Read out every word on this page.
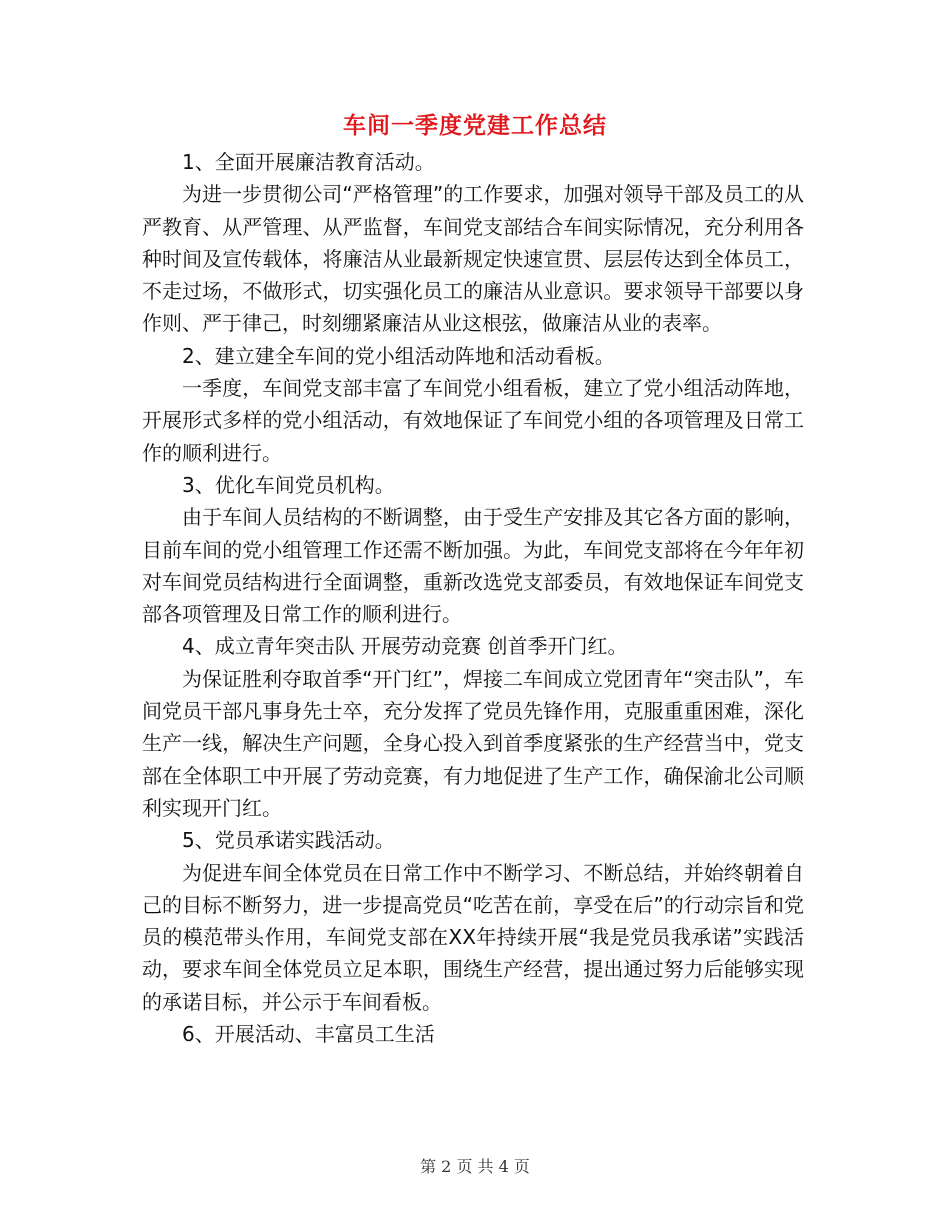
车间一季度党建工作总结

1、全面开展廉洁教育活动。

为进一步贯彻公司“严格管理”的工作要求，加强对领导干部及员工的从严教育、从严管理、从严监督，车间党支部结合车间实际情况，充分利用各种时间及宣传载体，将廉洁从业最新规定快速宣贯、层层传达到全体员工，不走过场，不做形式，切实强化员工的廉洁从业意识。要求领导干部要以身作则、严于律己，时刻绷紧廉洁从业这根弦，做廉洁从业的表率。

2、建立建全车间的党小组活动阵地和活动看板。

一季度，车间党支部丰富了车间党小组看板，建立了党小组活动阵地，开展形式多样的党小组活动，有效地保证了车间党小组的各项管理及日常工作的顺利进行。

3、优化车间党员机构。

由于车间人员结构的不断调整，由于受生产安排及其它各方面的影响，目前车间的党小组管理工作还需不断加强。为此，车间党支部将在今年年初对车间党员结构进行全面调整，重新改选党支部委员，有效地保证车间党支部各项管理及日常工作的顺利进行。

4、成立青年突击队 开展劳动竞赛 创首季开门红。

为保证胜利夺取首季“开门红”，焊接二车间成立党团青年“突击队”，车间党员干部凡事身先士卒，充分发挥了党员先锋作用，克服重重困难，深化生产一线，解决生产问题，全身心投入到首季度紧张的生产经营当中，党支部在全体职工中开展了劳动竞赛，有力地促进了生产工作，确保渝北公司顺利实现开门红。

5、党员承诺实践活动。

为促进车间全体党员在日常工作中不断学习、不断总结，并始终朝着自己的目标不断努力，进一步提高党员“吃苦在前，享受在后”的行动宗旨和党员的模范带头作用，车间党支部在XX年持续开展“我是党员我承诺”实践活动，要求车间全体党员立足本职，围绕生产经营，提出通过努力后能够实现的承诺目标，并公示于车间看板。

6、开展活动、丰富员工生活

第 2 页 共 4 页
